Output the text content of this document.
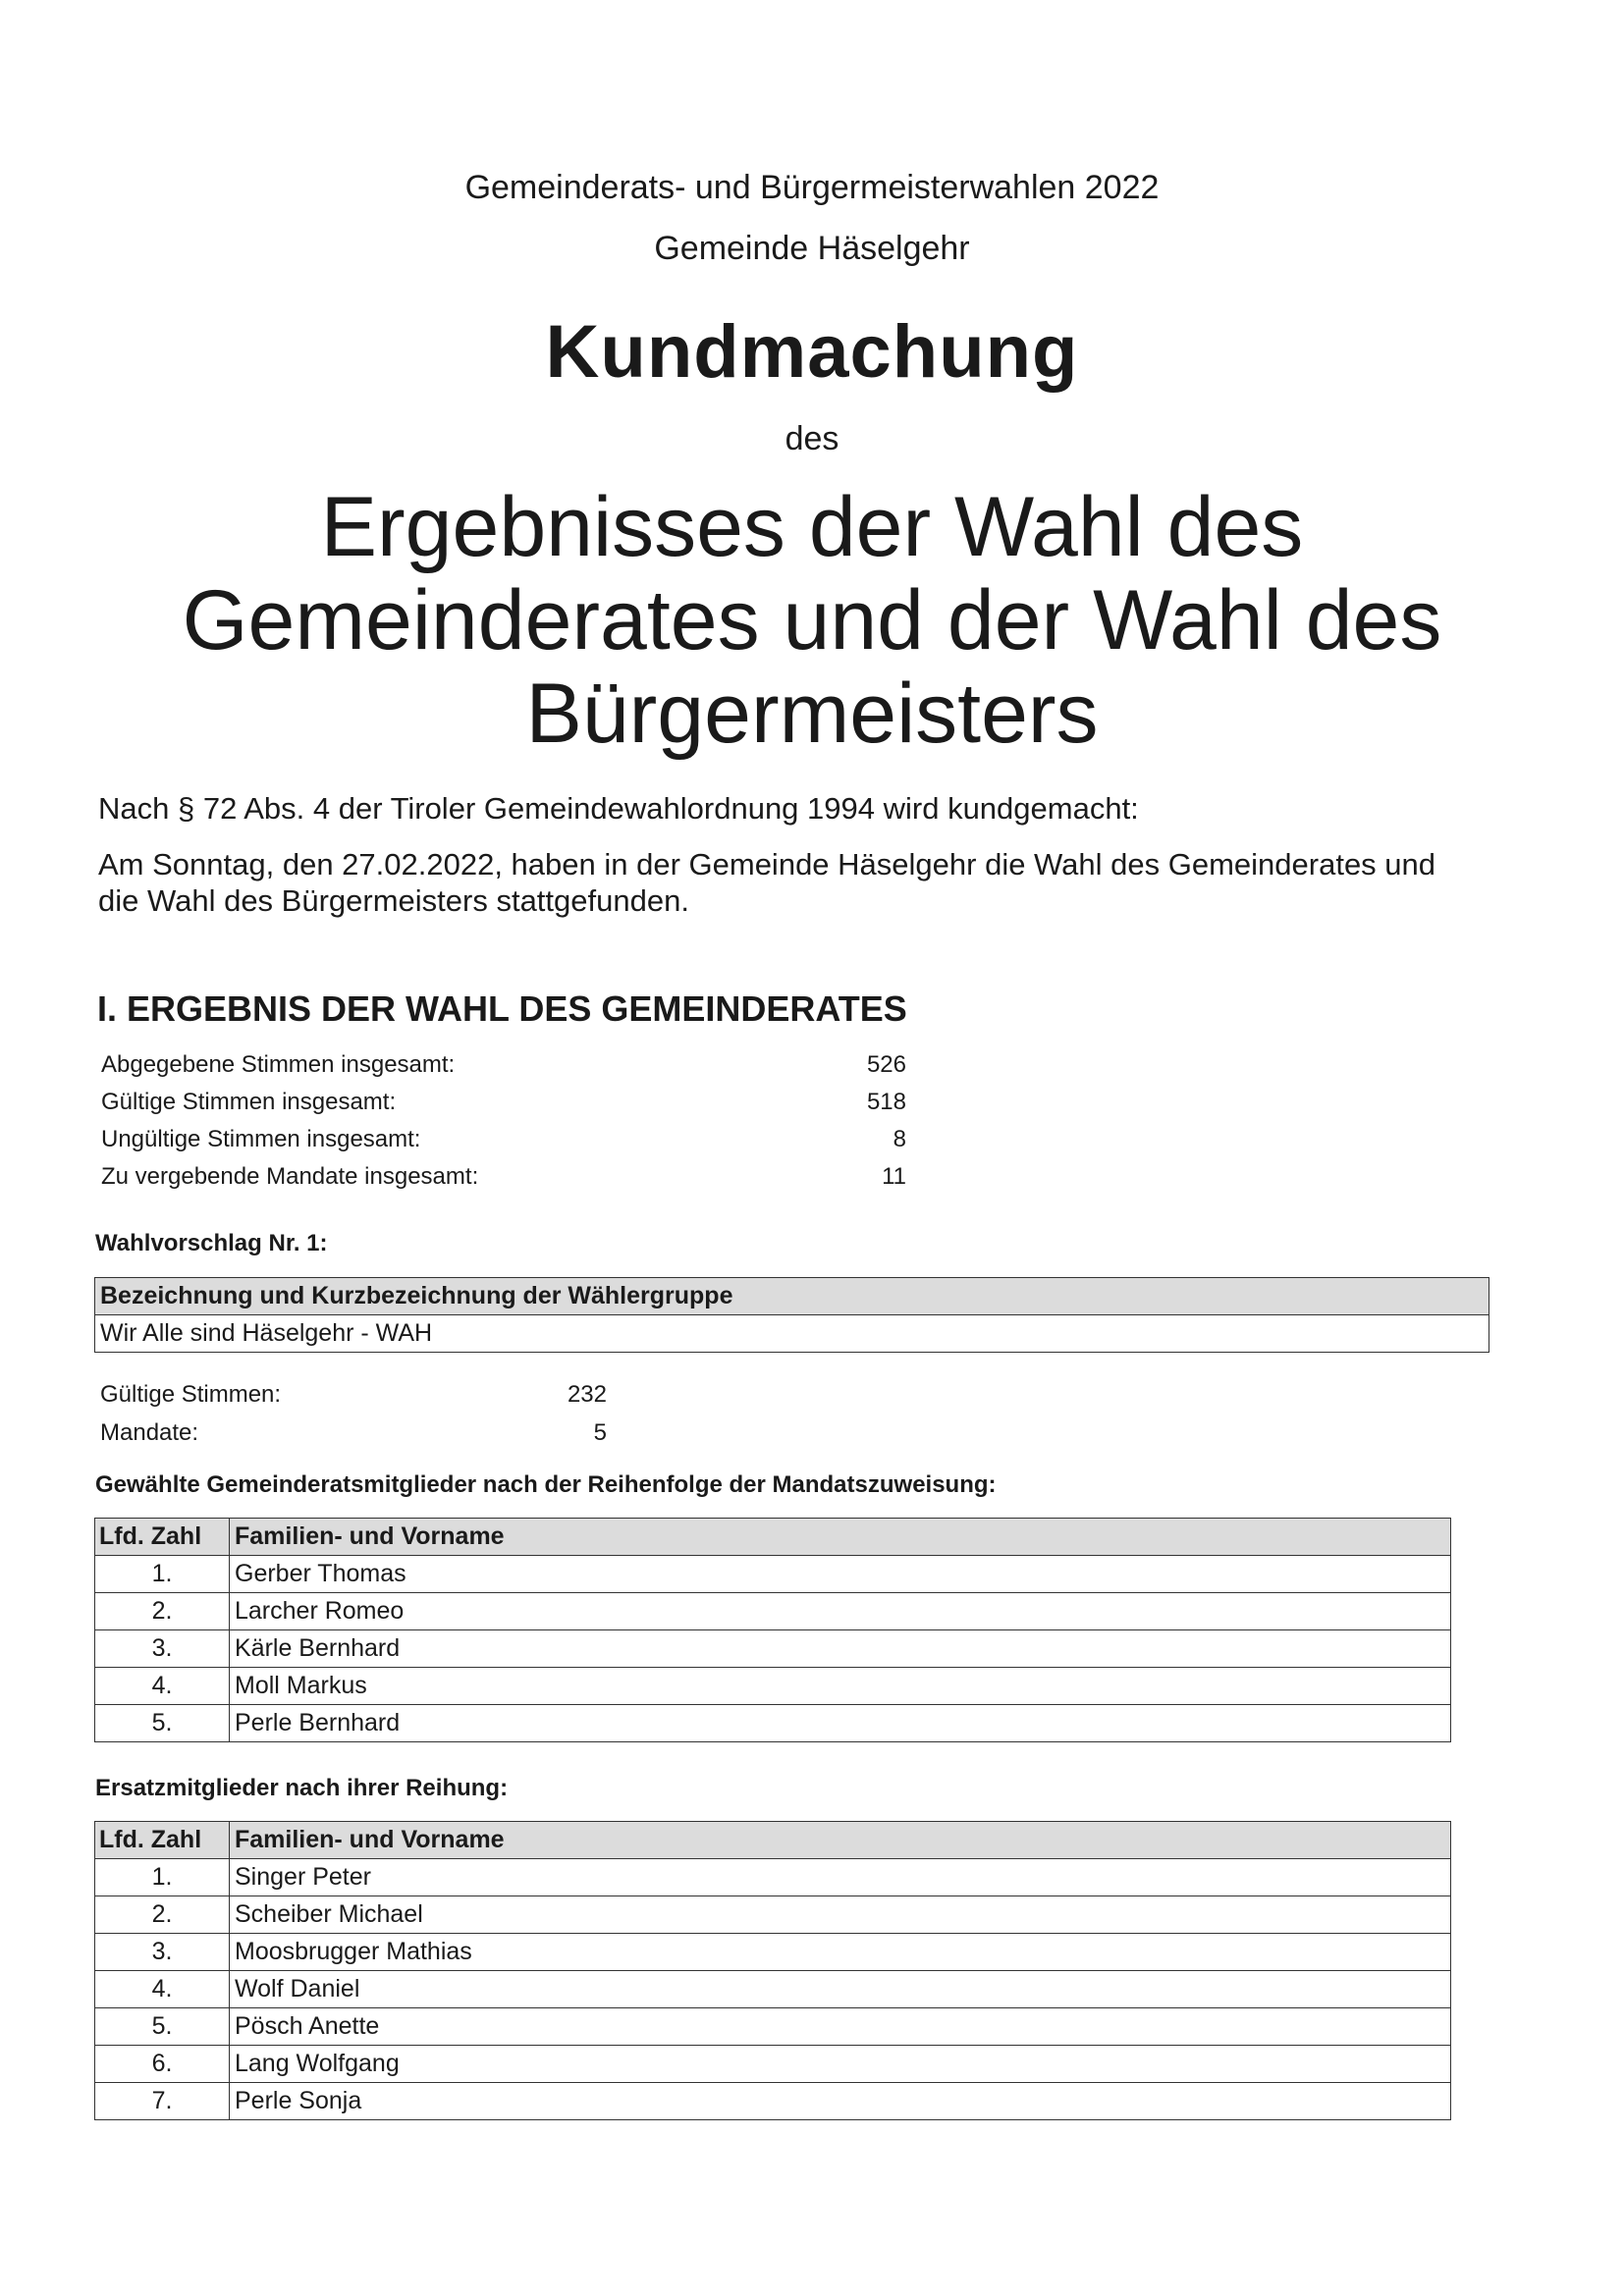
Gemeinderats- und Bürgermeisterwahlen 2022
Gemeinde Häselgehr
Kundmachung
des
Ergebnisses der Wahl des
Gemeinderates und der Wahl des
Bürgermeisters
Nach § 72 Abs. 4 der Tiroler Gemeindewahlordnung 1994 wird kundgemacht:
Am Sonntag, den 27.02.2022, haben in der Gemeinde Häselgehr die Wahl des Gemeinderates und
die Wahl des Bürgermeisters stattgefunden.
I. ERGEBNIS DER WAHL DES GEMEINDERATES
Abgegebene Stimmen insgesamt:	526
Gültige Stimmen insgesamt:	518
Ungültige Stimmen insgesamt:	8
Zu vergebende Mandate insgesamt:	11
Wahlvorschlag Nr. 1:
Bezeichnung und Kurzbezeichnung der Wählergruppe
Wir Alle sind Häselgehr - WAH
Gültige Stimmen:	232
Mandate:	5
Gewählte Gemeinderatsmitglieder nach der Reihenfolge der Mandatszuweisung:
Lfd. Zahl	Familien- und Vorname
1.	Gerber Thomas
2.	Larcher Romeo
3.	Kärle Bernhard
4.	Moll Markus
5.	Perle Bernhard
Ersatzmitglieder nach ihrer Reihung:
Lfd. Zahl	Familien- und Vorname
1.	Singer Peter
2.	Scheiber Michael
3.	Moosbrugger Mathias
4.	Wolf Daniel
5.	Pösch Anette
6.	Lang Wolfgang
7.	Perle Sonja
